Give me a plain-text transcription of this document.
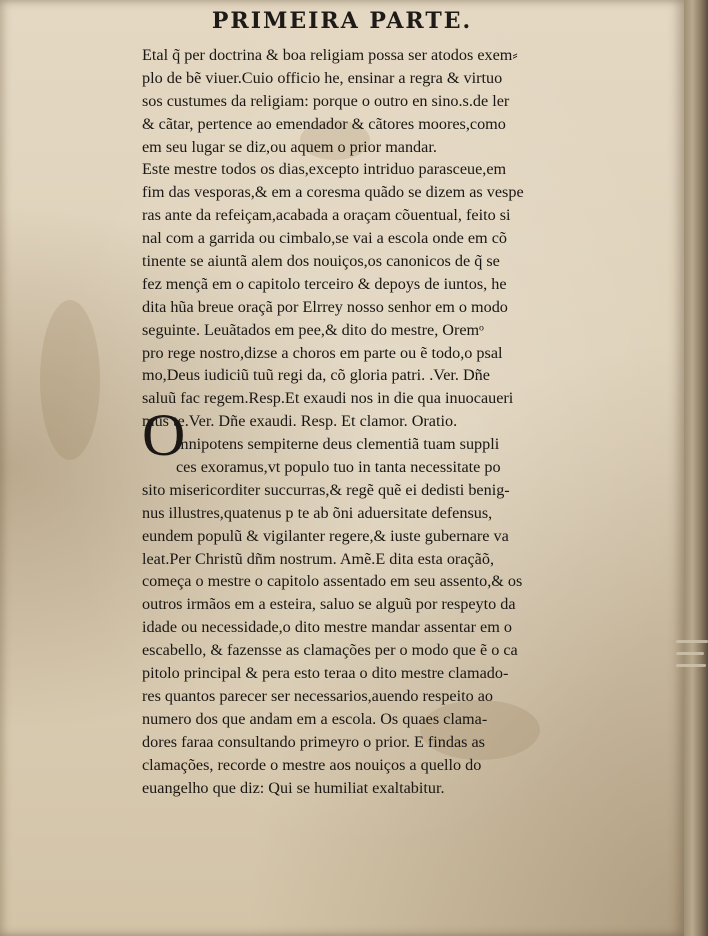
PRIMEIRA PARTE.
O
Etal q̃ per doctrina & boa religiam possa ser atodos exem⸗
plo de bẽ viuer.Cuio officio he, ensinar a regra & virtuo
sos custumes da religiam: porque o outro en sino.s.de ler
& cãtar, pertence ao emendador & cãtores moores,como
em seu lugar se diz,ou aquem o prior mandar.
Este mestre todos os dias,excepto intriduo parasceue,em
fim das vesporas,& em a coresma quãdo se dizem as vespe
ras ante da refeiçam,acabada a oraçam cõuentual, feito si
nal com a garrida ou cimbalo,se vai a escola onde em cõ
tinente se aiuntã alem dos nouiços,os canonicos de q̃ se
fez mençã em o capitolo terceiro & depoys de iuntos, he
dita hũa breue oraçã por Elrrey nosso senhor em o modo
seguinte. Leuãtados em pee,& dito do mestre, Oremᵒ
pro rege nostro,dizse a choros em parte ou ẽ todo,o psal
mo,Deus iudiciũ tuũ regi da, cõ gloria patri. .Ver. Dñe
saluũ fac regem.Resp.Et exaudi nos in die qua inuocaueri
mus te.Ver. Dñe exaudi. Resp. Et clamor. Oratio.
mnipotens sempiterne deus clementiã tuam suppli
ces exoramus,vt populo tuo in tanta necessitate po
sito misericorditer succurras,& regẽ quẽ ei dedisti benig-
nus illustres,quatenus p te ab õni aduersitate defensus,
eundem populũ & vigilanter regere,& iuste gubernare va
leat.Per Christũ dñm nostrum. Amẽ.E dita esta oraçãõ,
começa o mestre o capitolo assentado em seu assento,& os
outros irmãos em a esteira, saluo se alguũ por respeyto da
idade ou necessidade,o dito mestre mandar assentar em o
escabello, & fazensse as clamações per o modo que ẽ o ca
pitolo principal & pera esto teraa o dito mestre clamado-
res quantos parecer ser necessarios,auendo respeito ao
numero dos que andam em a escola. Os quaes clama-
dores faraa consultando primeyro o prior. E findas as
clamações, recorde o mestre aos nouiços a quello do
euangelho que diz: Qui se humiliat exaltabitur.
